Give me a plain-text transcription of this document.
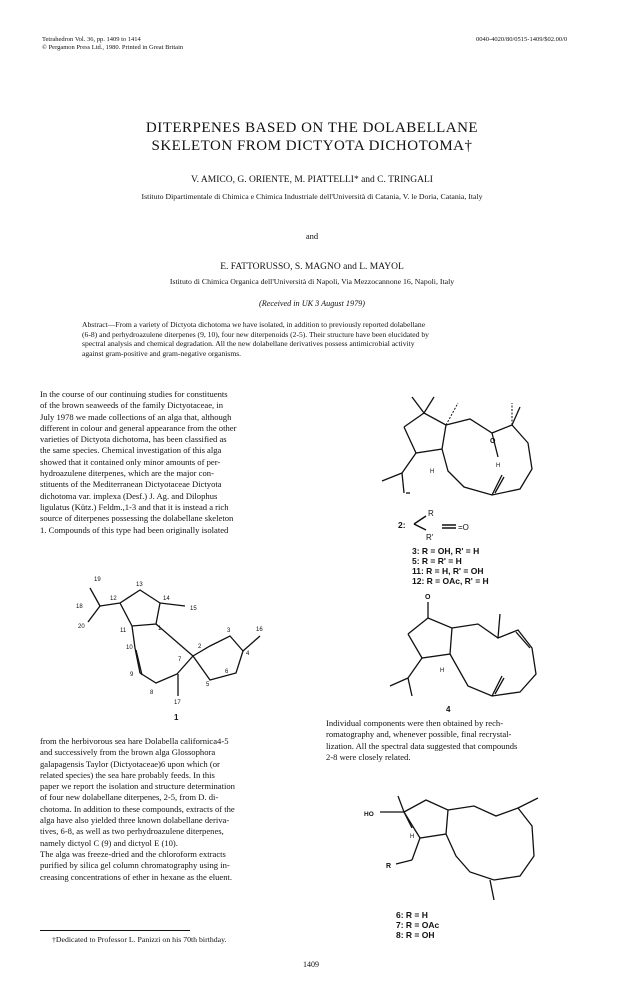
Tetrahedron Vol. 36, pp. 1409 to 1414
© Pergamon Press Ltd., 1980. Printed in Great Britain
0040-4020/80/0515-1409/$02.00/0
DITERPENES BASED ON THE DOLABELLANE
SKELETON FROM DICTYOTA DICHOTOMA†
V. AMICO, G. ORIENTE, M. PIATTELLI* and C. TRINGALI
Istituto Dipartimentale di Chimica e Chimica Industriale dell'Università di Catania, V. le Doria, Catania, Italy
and
E. FATTORUSSO, S. MAGNO and L. MAYOL
Istituto di Chimica Organica dell'Università di Napoli, Via Mezzocannone 16, Napoli, Italy
(Received in UK 3 August 1979)
Abstract—From a variety of Dictyota dichotoma we have isolated, in addition to previously reported dolabellane
(6-8) and perhydroazulene diterpenes (9, 10), four new diterpenoids (2-5). Their structure have been elucidated by
spectral analysis and chemical degradation. All the new dolabellane derivatives possess antimicrobial activity
against gram-positive and gram-negative organisms.
In the course of our continuing studies for constituents
of the brown seaweeds of the family Dictyotaceae, in
July 1978 we made collections of an alga that, although
different in colour and general appearance from the other
varieties of Dictyota dichotoma, has been classified as
the same species. Chemical investigation of this alga
showed that it contained only minor amounts of per-
hydroazulene diterpenes, which are the major con-
stituents of the Mediterranean Dictyotaceae Dictyota
dichotoma var. implexa (Desf.) J. Ag. and Dilophus
ligulatus (Kütz.) Feldm.,1-3 and that it is instead a rich
source of diterpenes possessing the dolabellane skeleton
1. Compounds of this type had been originally isolated
19
18
12
13
14
20
11
15
1	16
10	2
3
9
7
4
8
6
5
17
1
from the herbivorous sea hare Dolabella californica4-5
and successively from the brown alga Glossophora
galapagensis Taylor (Dictyotaceae)6 upon which (or
related species) the sea hare probably feeds. In this
paper we report the isolation and structure determination
of four new dolabellane diterpenes, 2-5, from D. di-
chotoma. In addition to these compounds, extracts of the
alga have also yielded three known dolabellane deriva-
tives, 6-8, as well as two perhydroazulene diterpenes,
namely dictyol C (9) and dictyol E (10).
The alga was freeze-dried and the chloroform extracts
purified by silica gel column chromatography using in-
creasing concentrations of ether in hexane as the eluent.
†Dedicated to Professor L. Panizzi on his 70th birthday.
1409
O
H
H
2:
R
R'
=O
3: R = OH, R' = H
5: R = R' = H
11: R = H, R' = OH
12: R = OAc, R' = H
O
H
4
Individual components were then obtained by rech-
romatography and, whenever possible, final recrystal-
lization. All the spectral data suggested that compounds
2-8 were closely related.
HO
R
H
6: R = H
7: R = OAc
8: R = OH
